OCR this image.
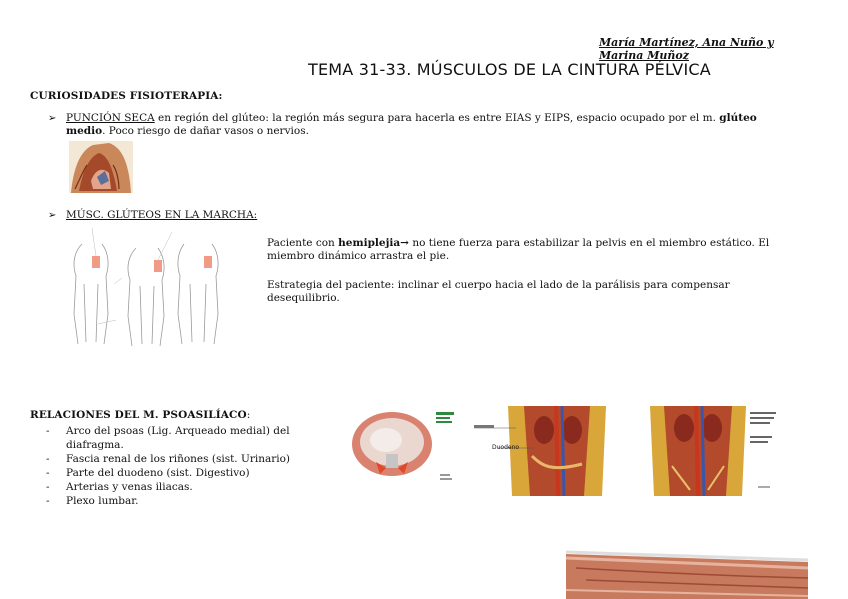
María Martínez, Ana Nuño y
Marina Muñoz
TEMA 31-33. MÚSCULOS DE LA CINTURA PÉLVICA
CURIOSIDADES FISIOTERAPIA:
➢ PUNCIÓN SECA en región del glúteo: la región más segura para hacerla es entre EIAS y EIPS, espacio ocupado por el m. glúteo
medio. Poco riesgo de dañar vasos o nervios.
➢ MÚSC. GLÚTEOS EN LA MARCHA:
Paciente con hemiplejia→ no tiene fuerza para estabilizar la pelvis en el miembro estático. El
miembro dinámico arrastra el pie.
Estrategia del paciente: inclinar el cuerpo hacia el lado de la parálisis para compensar
desequilibrio.
RELACIONES DEL M. PSOASILÍACO:
- Arco del psoas (Lig. Arqueado medial) del
diafragma.
- Fascia renal de los riñones (sist. Urinario)
- Parte del duodeno (sist. Digestivo)
- Arterias y venas iliacas.
- Plexo lumbar.
Duodeno
